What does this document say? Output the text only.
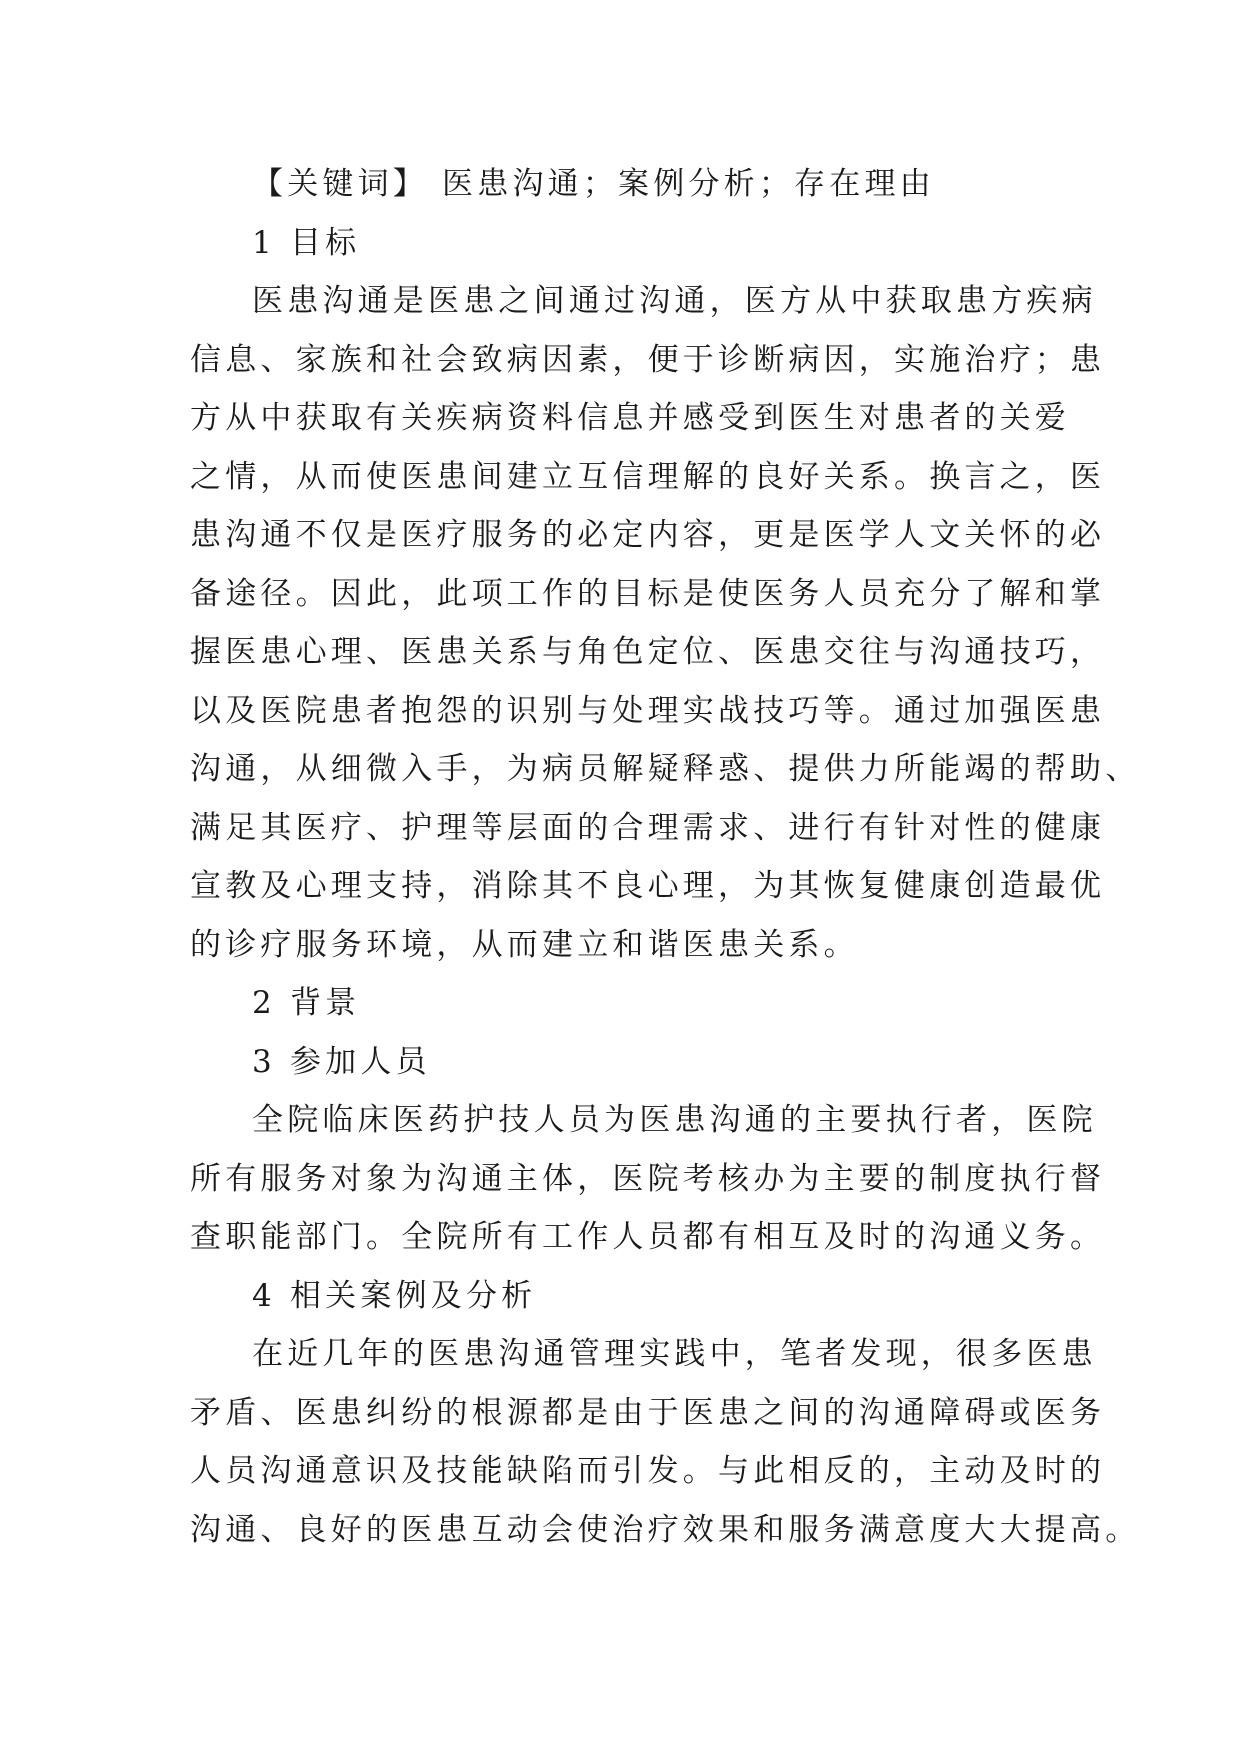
【关键词】 医患沟通；案例分析；存在理由
1 目标
医患沟通是医患之间通过沟通，医方从中获取患方疾病
信息、家族和社会致病因素，便于诊断病因，实施治疗；患
方从中获取有关疾病资料信息并感受到医生对患者的关爱
之情，从而使医患间建立互信理解的良好关系。换言之，医
患沟通不仅是医疗服务的必定内容，更是医学人文关怀的必
备途径。因此，此项工作的目标是使医务人员充分了解和掌
握医患心理、医患关系与角色定位、医患交往与沟通技巧，
以及医院患者抱怨的识别与处理实战技巧等。通过加强医患
沟通，从细微入手，为病员解疑释惑、提供力所能竭的帮助、
满足其医疗、护理等层面的合理需求、进行有针对性的健康
宣教及心理支持，消除其不良心理，为其恢复健康创造最优
的诊疗服务环境，从而建立和谐医患关系。
2 背景
3 参加人员
全院临床医药护技人员为医患沟通的主要执行者，医院
所有服务对象为沟通主体，医院考核办为主要的制度执行督
查职能部门。全院所有工作人员都有相互及时的沟通义务。
4 相关案例及分析
在近几年的医患沟通管理实践中，笔者发现，很多医患
矛盾、医患纠纷的根源都是由于医患之间的沟通障碍或医务
人员沟通意识及技能缺陷而引发。与此相反的，主动及时的
沟通、良好的医患互动会使治疗效果和服务满意度大大提高。
